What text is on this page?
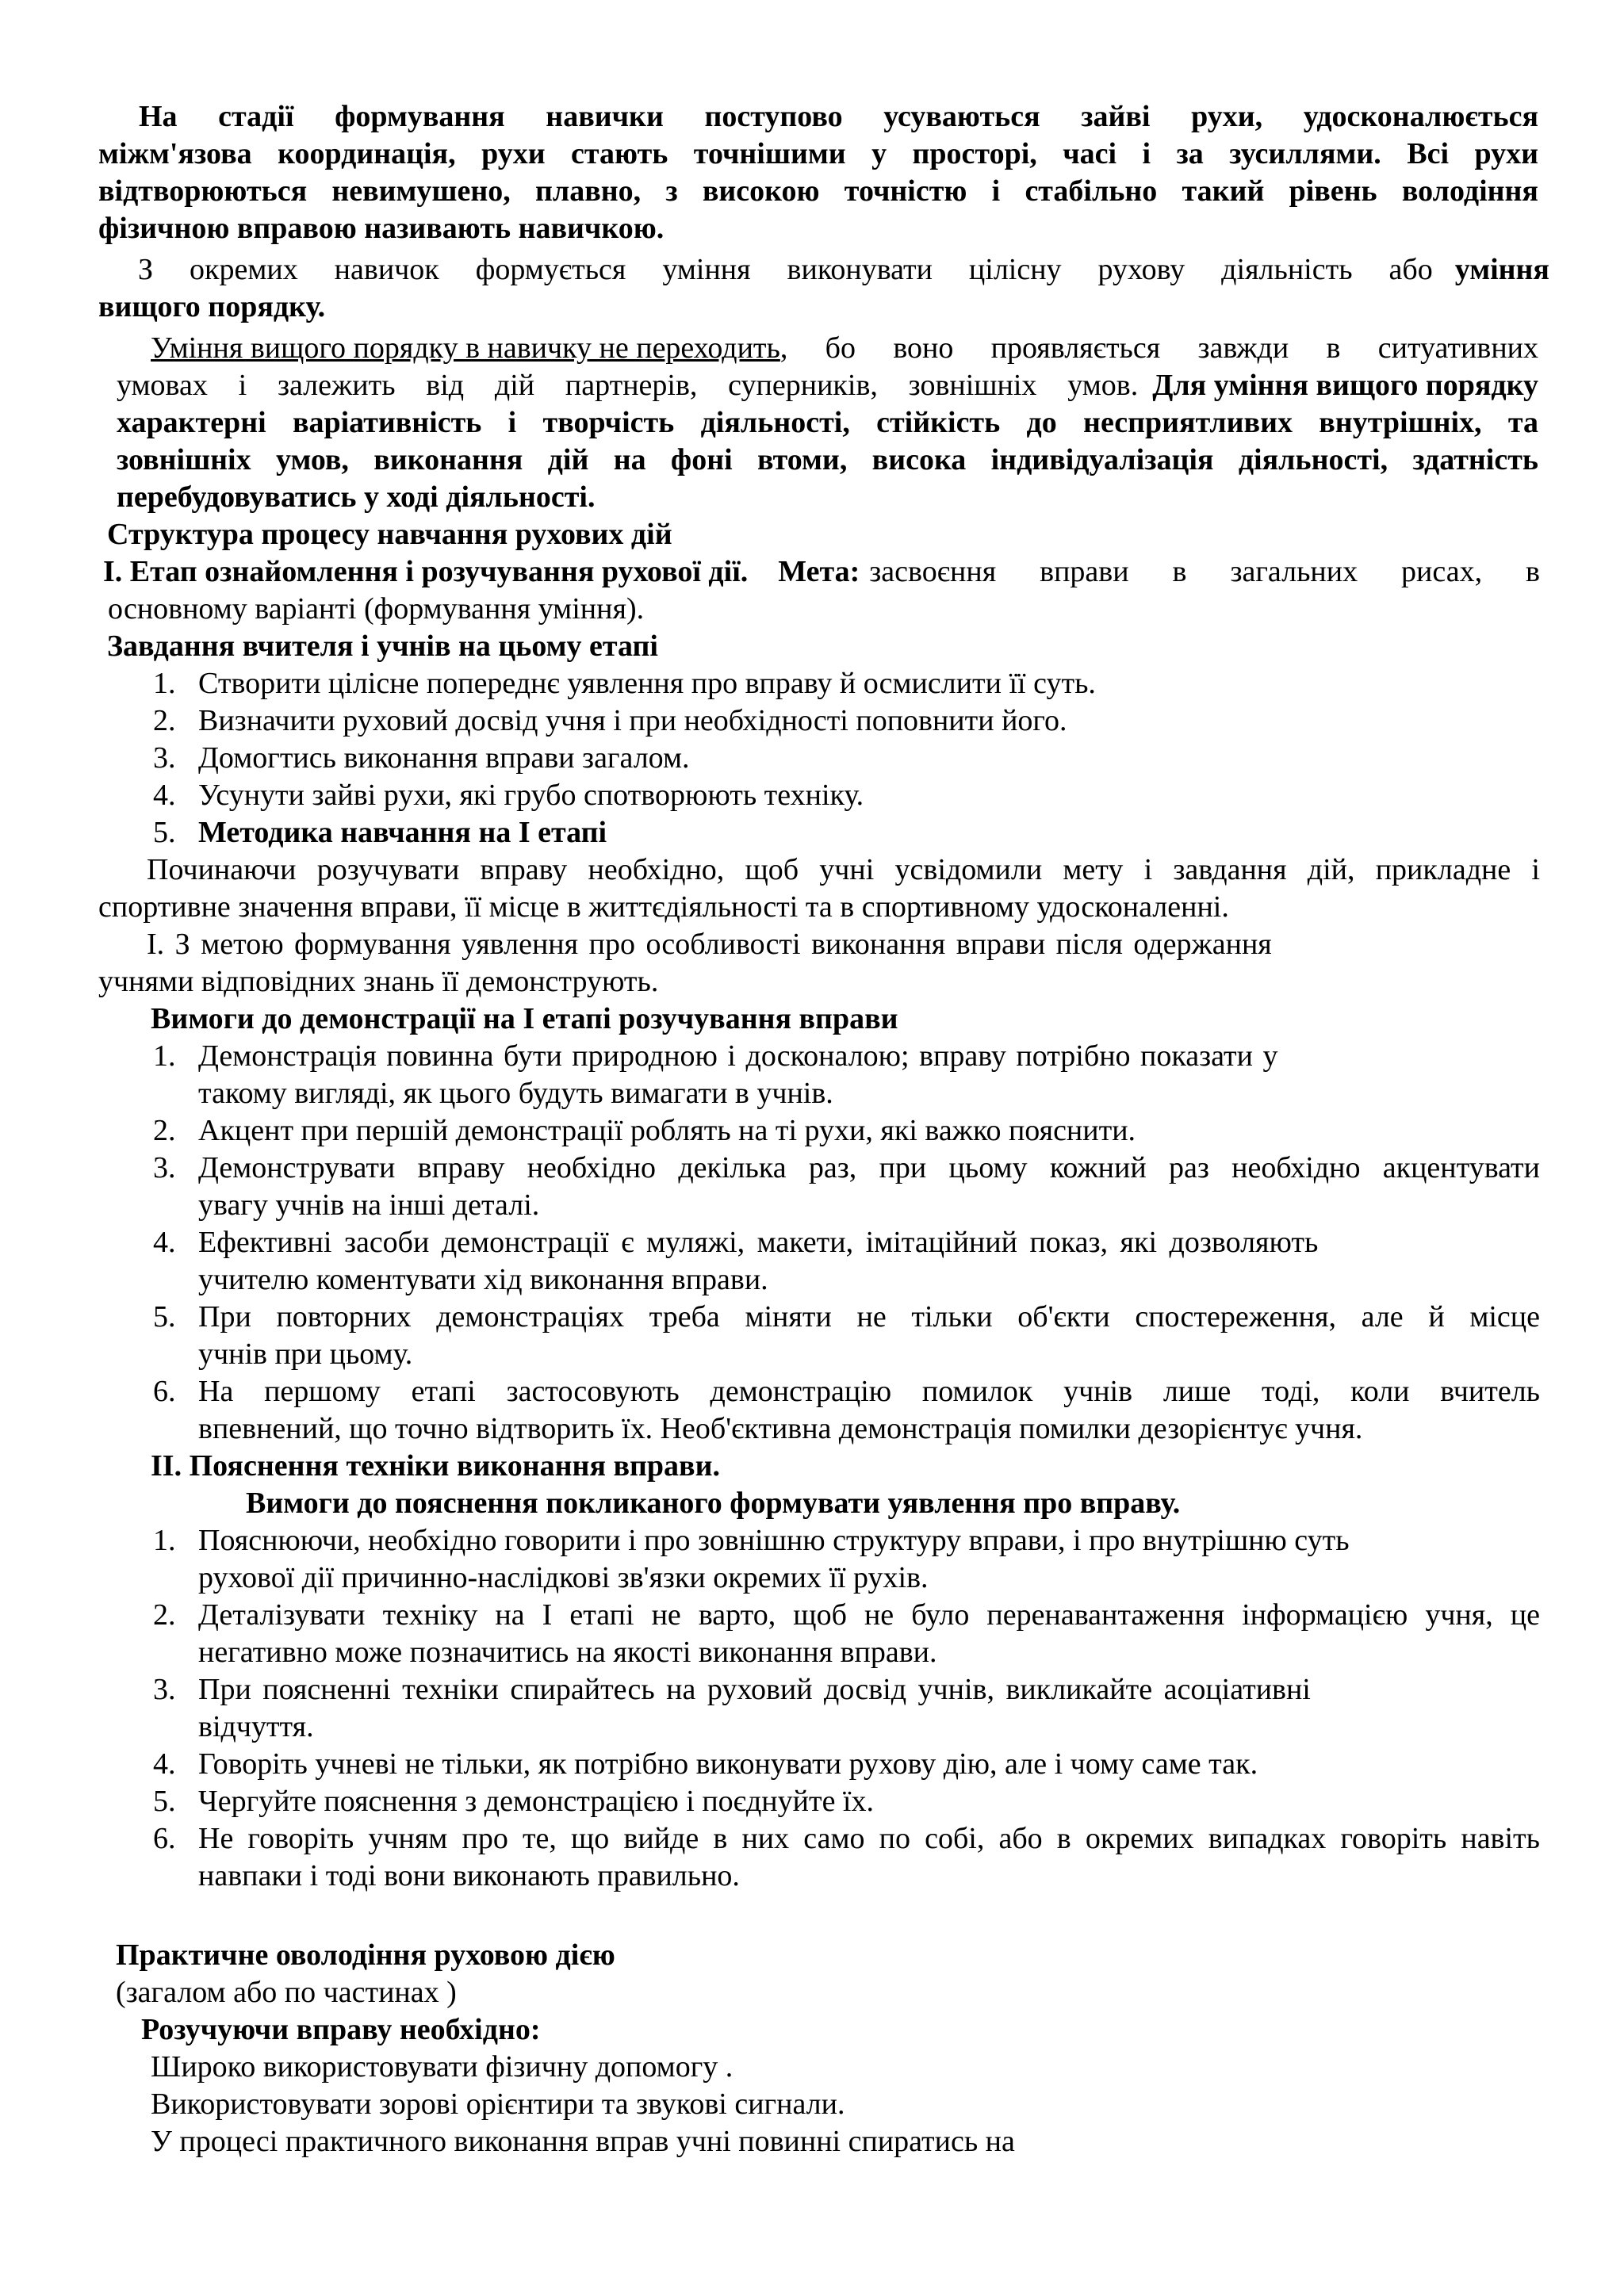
На стадії формування навички поступово усуваються зайві рухи, удосконалюється
міжм'язова координація, рухи стають точнішими у просторі, часі і за зусиллями. Всі рухи
відтворюються невимушено, плавно, з високою точністю і стабільно такий рівень володіння
фізичною вправою називають навичкою.
З окремих навичок формується уміння виконувати цілісну рухову діяльність або уміння
вищого порядку.
Уміння вищого порядку в навичку не переходить , бо воно проявляється завжди в ситуативних
умовах і залежить від дій партнерів, суперників, зовнішніх умов. Для уміння вищого порядку
характерні варіативність і творчість діяльності, стійкість до несприятливих внутрішніх, та
зовнішніх умов, виконання дій на фоні втоми, висока індивідуалізація діяльності, здатність
перебудовуватись у ході діяльності.
Структура процесу навчання рухових дій
I. Етап ознайомлення і розучування рухової дії. Мета: засвоєння вправи в загальних рисах, в
основному варіанті (формування уміння).
Завдання вчителя і учнів на цьому етапі
1. Створити цілісне попереднє уявлення про вправу й осмислити її суть.
2. Визначити руховий досвід учня і при необхідності поповнити його.
3. Домогтись виконання вправи загалом.
4. Усунути зайві рухи, які грубо спотворюють техніку.
5. Методика навчання на I етапі
Починаючи розучувати вправу необхідно, щоб учні усвідомили мету і завдання дій, прикладне і
спортивне значення вправи, її місце в життєдіяльності та в спортивному удосконаленні.
I. З метою формування уявлення про особливості виконання вправи після одержання
учнями відповідних знань її демонструють.
Вимоги до демонстрації на I етапі розучування вправи
1. Демонстрація повинна бути природною і досконалою; вправу потрібно показати у
такому вигляді, як цього будуть вимагати в учнів.
2. Акцент при першій демонстрації роблять на ті рухи, які важко пояснити.
3. Демонструвати вправу необхідно декілька раз, при цьому кожний раз необхідно акцентувати
увагу учнів на інші деталі.
4. Ефективні засоби демонстрації є муляжі, макети, імітаційний показ, які дозволяють
учителю коментувати хід виконання вправи.
5. При повторних демонстраціях треба міняти не тільки об'єкти спостереження, але й місце
учнів при цьому.
6. На першому етапі застосовують демонстрацію помилок учнів лише тоді, коли вчитель
впевнений, що точно відтворить їх. Необ'єктивна демонстрація помилки дезорієнтує учня.
II. Пояснення техніки виконання вправи.
Вимоги до пояснення покликаного формувати уявлення про вправу.
1. Пояснюючи, необхідно говорити і про зовнішню структуру вправи, і про внутрішню суть
рухової дії причинно-наслідкові зв'язки окремих її рухів.
2. Деталізувати техніку на I етапі не варто, щоб не було перенавантаження інформацією учня, це
негативно може позначитись на якості виконання вправи.
3. При поясненні техніки спирайтесь на руховий досвід учнів, викликайте асоціативні
відчуття.
4. Говоріть учневі не тільки, як потрібно виконувати рухову дію, але і чому саме так.
5. Чергуйте пояснення з демонстрацією і поєднуйте їх.
6. Не говоріть учням про те, що вийде в них само по собі, або в окремих випадках говоріть навіть
навпаки і тоді вони виконають правильно.
Практичне оволодіння руховою дією
(загалом або по частинах )
Розучуючи вправу необхідно:
Широко використовувати фізичну допомогу .
Використовувати зорові орієнтири та звукові сигнали.
У процесі практичного виконання вправ учні повинні спиратись на
